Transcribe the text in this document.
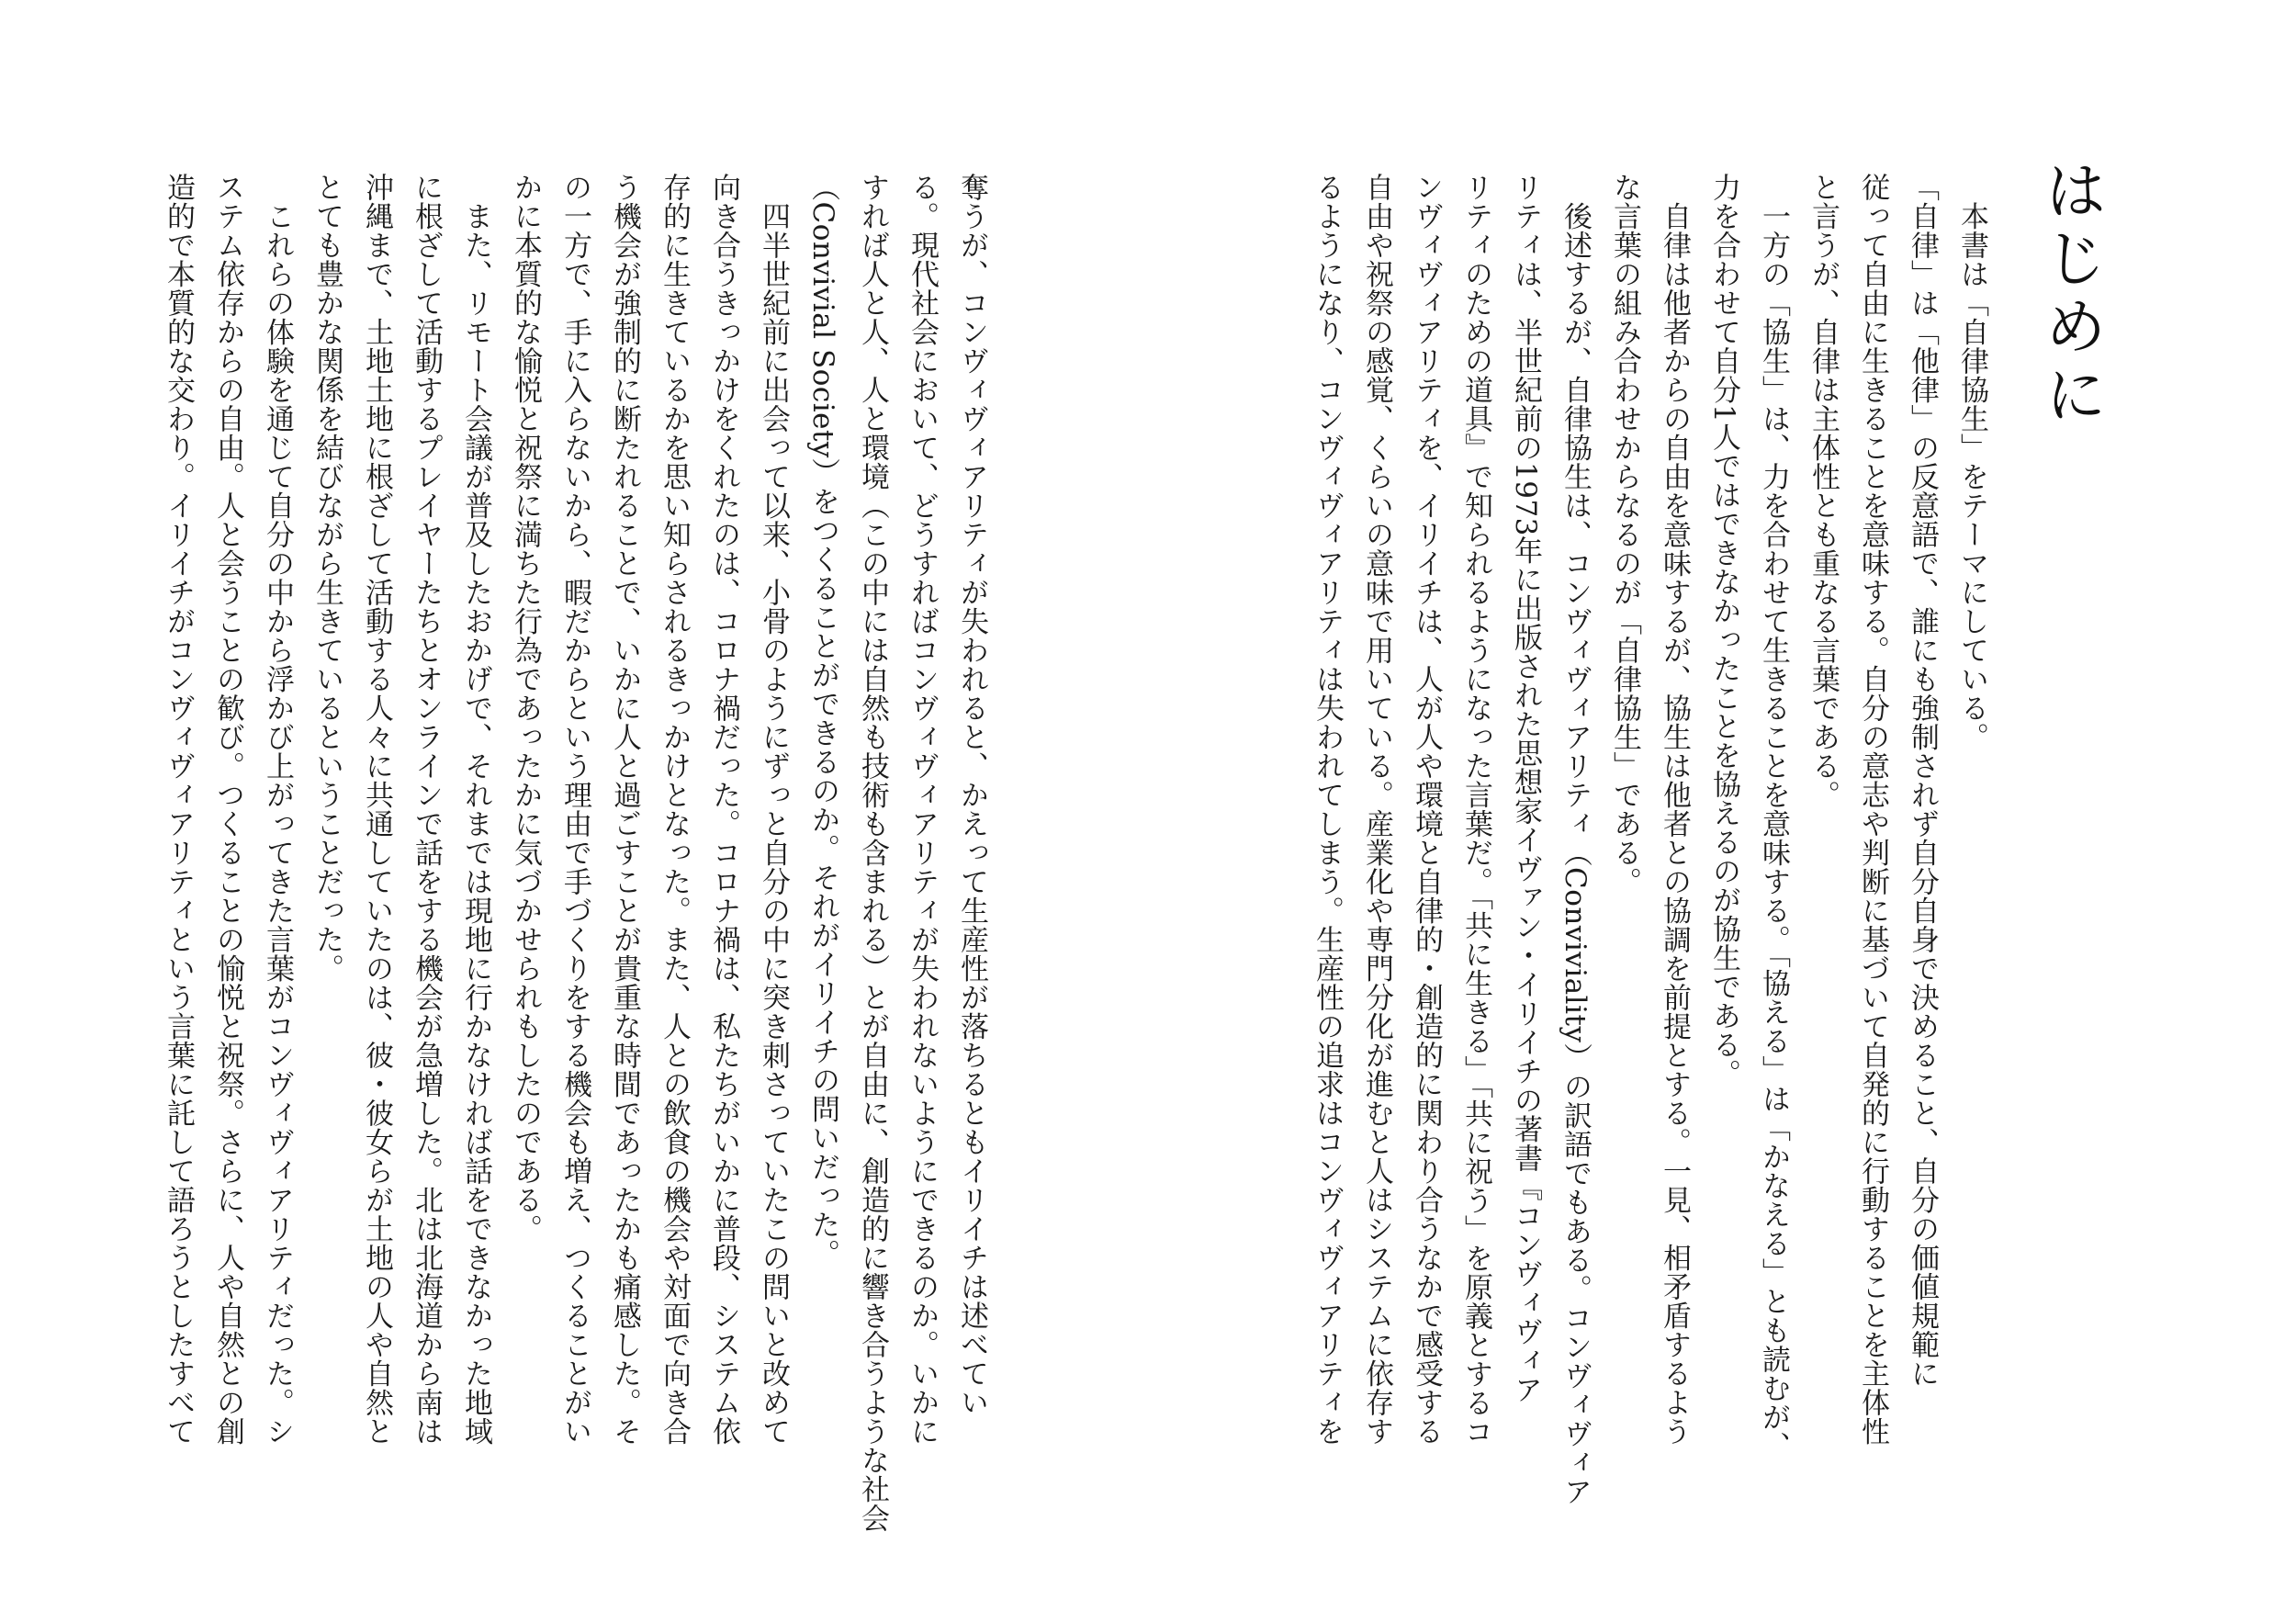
はじめに
本書は「自律協生」をテーマにしている。
「自律」は「他律」の反意語で、誰にも強制されず自分自身で決めること、自分の価値規範に
従って自由に生きることを意味する。自分の意志や判断に基づいて自発的に行動することを主体性
と言うが、自律は主体性とも重なる言葉である。
一方の「協生」は、力を合わせて生きることを意味する。「協える」は「かなえる」とも読むが、
力を合わせて自分1人ではできなかったことを協えるのが協生である。
自律は他者からの自由を意味するが、協生は他者との協調を前提とする。一見、相矛盾するよう
な言葉の組み合わせからなるのが「自律協生」である。
後述するが、自律協生は、コンヴィヴィアリティ（Conviviality）の訳語でもある。コンヴィヴィア
リティは、半世紀前の1973年に出版された思想家イヴァン・イリイチの著書『コンヴィヴィア
リティのための道具』で知られるようになった言葉だ。「共に生きる」「共に祝う」を原義とするコ
ンヴィヴィアリティを、イリイチは、人が人や環境と自律的・創造的に関わり合うなかで感受する
自由や祝祭の感覚、くらいの意味で用いている。産業化や専門分化が進むと人はシステムに依存す
るようになり、コンヴィヴィアリティは失われてしまう。生産性の追求はコンヴィヴィアリティを
奪うが、コンヴィヴィアリティが失われると、かえって生産性が落ちるともイリイチは述べてい
る。現代社会において、どうすればコンヴィヴィアリティが失われないようにできるのか。いかに
すれば人と人、人と環境（この中には自然も技術も含まれる）とが自由に、創造的に響き合うような社会
（Convivial Society）をつくることができるのか。それがイリイチの問いだった。
四半世紀前に出会って以来、小骨のようにずっと自分の中に突き刺さっていたこの問いと改めて
向き合うきっかけをくれたのは、コロナ禍だった。コロナ禍は、私たちがいかに普段、システム依
存的に生きているかを思い知らされるきっかけとなった。また、人との飲食の機会や対面で向き合
う機会が強制的に断たれることで、いかに人と過ごすことが貴重な時間であったかも痛感した。そ
の一方で、手に入らないから、暇だからという理由で手づくりをする機会も増え、つくることがい
かに本質的な愉悦と祝祭に満ちた行為であったかに気づかせられもしたのである。
また、リモート会議が普及したおかげで、それまでは現地に行かなければ話をできなかった地域
に根ざして活動するプレイヤーたちとオンラインで話をする機会が急増した。北は北海道から南は
沖縄まで、土地土地に根ざして活動する人々に共通していたのは、彼・彼女らが土地の人や自然と
とても豊かな関係を結びながら生きているということだった。
これらの体験を通じて自分の中から浮かび上がってきた言葉がコンヴィヴィアリティだった。シ
ステム依存からの自由。人と会うことの歓び。つくることの愉悦と祝祭。さらに、人や自然との創
造的で本質的な交わり。イリイチがコンヴィヴィアリティという言葉に託して語ろうとしたすべて
